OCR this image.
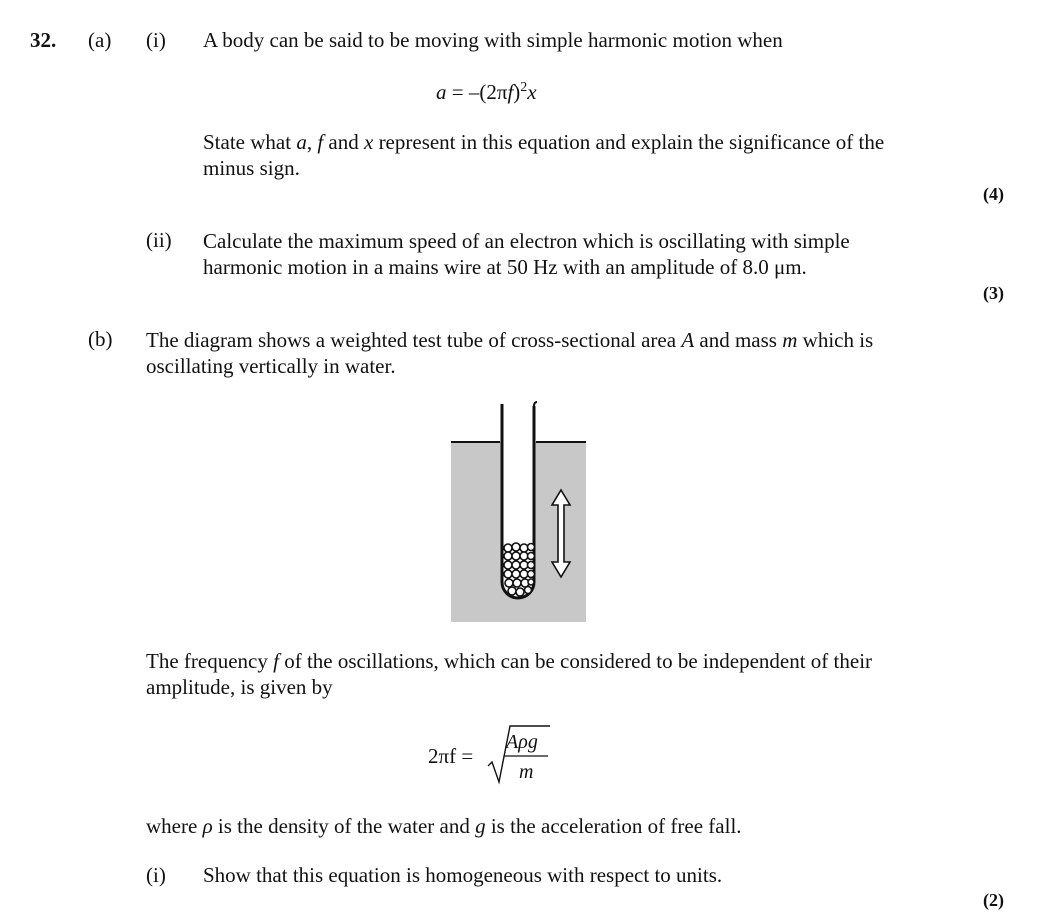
32. (a) (i) A body can be said to be moving with simple harmonic motion when
$a = -(2\pi f)^2x$
State what a, f and x represent in this equation and explain the significance of the
minus sign.
(4)
(ii) Calculate the maximum speed of an electron which is oscillating with simple
harmonic motion in a mains wire at 50 Hz with an amplitude of 8.0 μm.
(3)
(b) The diagram shows a weighted test tube of cross-sectional area A and mass m which is
oscillating vertically in water.
The frequency f of the oscillations, which can be considered to be independent of their
amplitude, is given by
2πf =
Aρg
m
where ρ is the density of the water and g is the acceleration of free fall.
(i) Show that this equation is homogeneous with respect to units.
(2)
